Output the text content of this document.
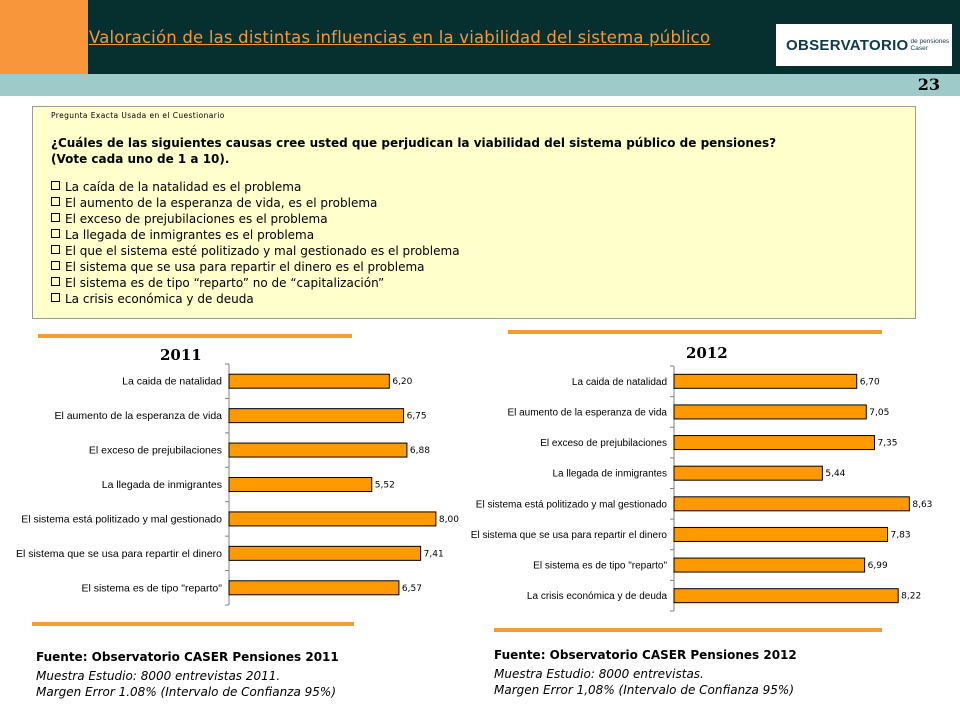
Valoración de las distintas influencias en la viabilidad del sistema público	OBSERVATORIO de pensiones
Caser
23
Pregunta Exacta Usada en el Cuestionario
¿Cuáles de las siguientes causas cree usted que perjudican la viabilidad del sistema público de pensiones?
(Vote cada uno de 1 a 10).
La caída de la natalidad es el problema
El aumento de la esperanza de vida, es el problema
El exceso de prejubilaciones es el problema
La llegada de inmigrantes es el problema
El que el sistema esté politizado y mal gestionado es el problema
El sistema que se usa para repartir el dinero es el problema
El sistema es de tipo “reparto” no de “capitalización”
La crisis económica y de deuda
2011	2012
6,20
La caida de natalidad
6,75
El aumento de la esperanza de vida
6,88
El exceso de prejubilaciones
5,52
La llegada de inmigrantes
8,00
El sistema está politizado y mal gestionado
7,41
El sistema que se usa para repartir el dinero
6,57
El sistema es de tipo "reparto"
6,70
La caida de natalidad
7,05
El aumento de la esperanza de vida
7,35
El exceso de prejubilaciones
5,44
La llegada de inmigrantes
8,63
El sistema está politizado y mal gestionado
7,83
El sistema que se usa para repartir el dinero
6,99
El sistema es de tipo "reparto"
8,22
La crisis económica y de deuda
Fuente: Observatorio CASER Pensiones 2011
Muestra Estudio: 8000 entrevistas 2011.
Margen Error 1.08% (Intervalo de Confianza 95%)
Fuente: Observatorio CASER Pensiones 2012
Muestra Estudio: 8000 entrevistas.
Margen Error 1,08% (Intervalo de Confianza 95%)
